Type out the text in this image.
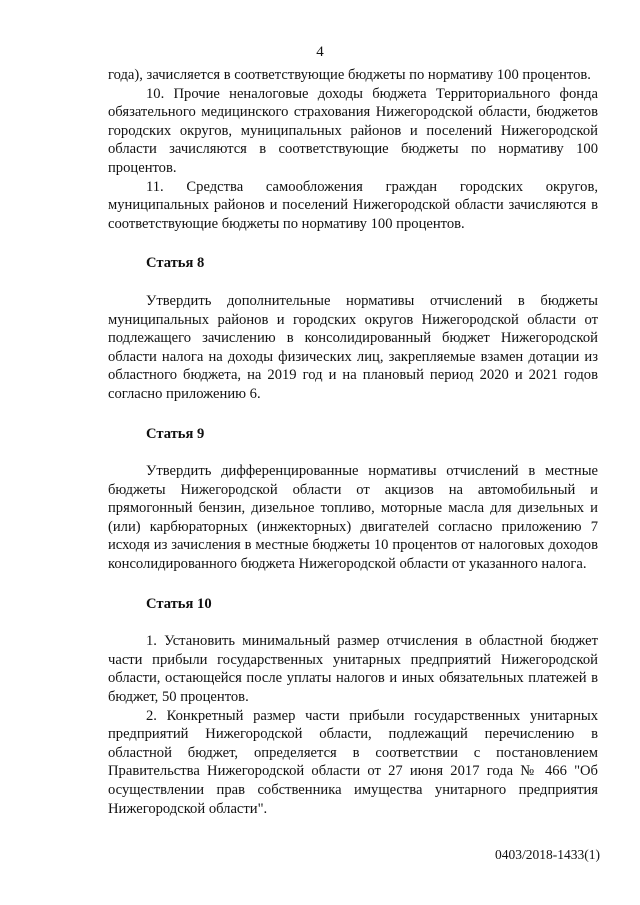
4

года), зачисляется в соответствующие бюджеты по нормативу 100 процентов.

10. Прочие неналоговые доходы бюджета Территориального фонда обязательного медицинского страхования Нижегородской области, бюджетов городских округов, муниципальных районов и поселений Нижегородской области зачисляются в соответствующие бюджеты по нормативу 100 процентов.

11. Средства самообложения граждан городских округов, муниципальных районов и поселений Нижегородской области зачисляются в соответствующие бюджеты по нормативу 100 процентов.

Статья 8

Утвердить дополнительные нормативы отчислений в бюджеты муниципальных районов и городских округов Нижегородской области от подлежащего зачислению в консолидированный бюджет Нижегородской области налога на доходы физических лиц, закрепляемые взамен дотации из областного бюджета, на 2019 год и на плановый период 2020 и 2021 годов согласно приложению 6.

Статья 9

Утвердить дифференцированные нормативы отчислений в местные бюджеты Нижегородской области от акцизов на автомобильный и прямогонный бензин, дизельное топливо, моторные масла для дизельных и (или) карбюраторных (инжекторных) двигателей согласно приложению 7 исходя из зачисления в местные бюджеты 10 процентов от налоговых доходов консолидированного бюджета Нижегородской области от указанного налога.

Статья 10

1. Установить минимальный размер отчисления в областной бюджет части прибыли государственных унитарных предприятий Нижегородской области, остающейся после уплаты налогов и иных обязательных платежей в бюджет, 50 процентов.

2. Конкретный размер части прибыли государственных унитарных предприятий Нижегородской области, подлежащий перечислению в областной бюджет, определяется в соответствии с постановлением Правительства Нижегородской области от 27 июня 2017 года № 466 "Об осуществлении прав собственника имущества унитарного предприятия Нижегородской области".

0403/2018-1433(1)
